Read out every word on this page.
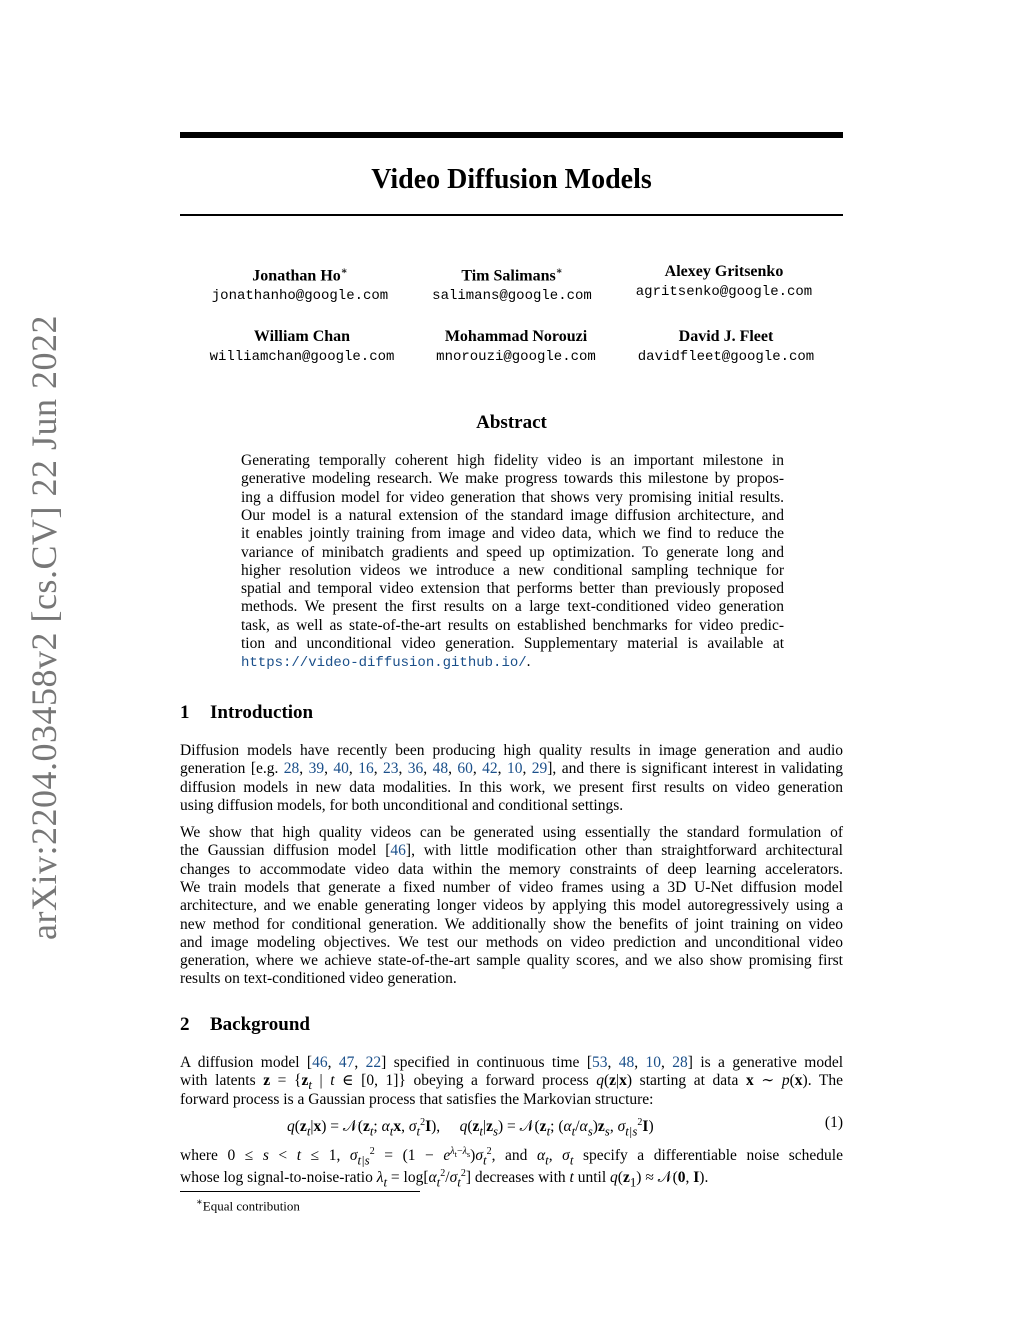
arXiv:2204.03458v2 [cs.CV] 22 Jun 2022
Video Diffusion Models
Jonathan Ho∗
jonathanho@google.com
Tim Salimans∗
salimans@google.com
Alexey Gritsenko
agritsenko@google.com
William Chan
williamchan@google.com
Mohammad Norouzi
mnorouzi@google.com
David J. Fleet
davidfleet@google.com
Abstract
Generating temporally coherent high fidelity video is an important milestone in
generative modeling research. We make progress towards this milestone by propos-
ing a diffusion model for video generation that shows very promising initial results.
Our model is a natural extension of the standard image diffusion architecture, and
it enables jointly training from image and video data, which we find to reduce the
variance of minibatch gradients and speed up optimization. To generate long and
higher resolution videos we introduce a new conditional sampling technique for
spatial and temporal video extension that performs better than previously proposed
methods. We present the first results on a large text-conditioned video generation
task, as well as state-of-the-art results on established benchmarks for video predic-
tion and unconditional video generation. Supplementary material is available at
https://video-diffusion.github.io/.
1 Introduction
Diffusion models have recently been producing high quality results in image generation and audio
generation [e.g. 28, 39, 40, 16, 23, 36, 48, 60, 42, 10, 29], and there is significant interest in validating
diffusion models in new data modalities. In this work, we present first results on video generation
using diffusion models, for both unconditional and conditional settings.
We show that high quality videos can be generated using essentially the standard formulation of
the Gaussian diffusion model [46], with little modification other than straightforward architectural
changes to accommodate video data within the memory constraints of deep learning accelerators.
We train models that generate a fixed number of video frames using a 3D U-Net diffusion model
architecture, and we enable generating longer videos by applying this model autoregressively using a
new method for conditional generation. We additionally show the benefits of joint training on video
and image modeling objectives. We test our methods on video prediction and unconditional video
generation, where we achieve state-of-the-art sample quality scores, and we also show promising first
results on text-conditioned video generation.
2 Background
A diffusion model [46, 47, 22] specified in continuous time [53, 48, 10, 28] is a generative model
with latents $z = \{z_t$ | t ∈ [0, 1]} obeying a forward process q(z|x) starting at data x ∼ p(x). The
forward process is a Gaussian process that satisfies the Markovian structure:
$q(z_t|x)$ = $𝒩(z_t$; $\alpha_tx$, $\sigma_t^2I$),     $q(z_t|z_s)$ = $𝒩(z_t$; $(\alpha_t/\alpha_s)z_s$, $\sigma_{t|s}^2I$)	(1)
where 0 ≤ s < t ≤ 1, $\sigma_{t|s}^2 = (1 - e^{\lambda_t-\lambda_s})\sigma_t^2$, and $\alpha_t$, $\sigma_t$ specify a differentiable noise schedule
whose log signal-to-noise-ratio $\lambda_t = \log[\alpha_t^2/\sigma_t^2]$ decreases with t until $q(z_1)$ ≈ 𝒩(0, I).
∗Equal contribution
